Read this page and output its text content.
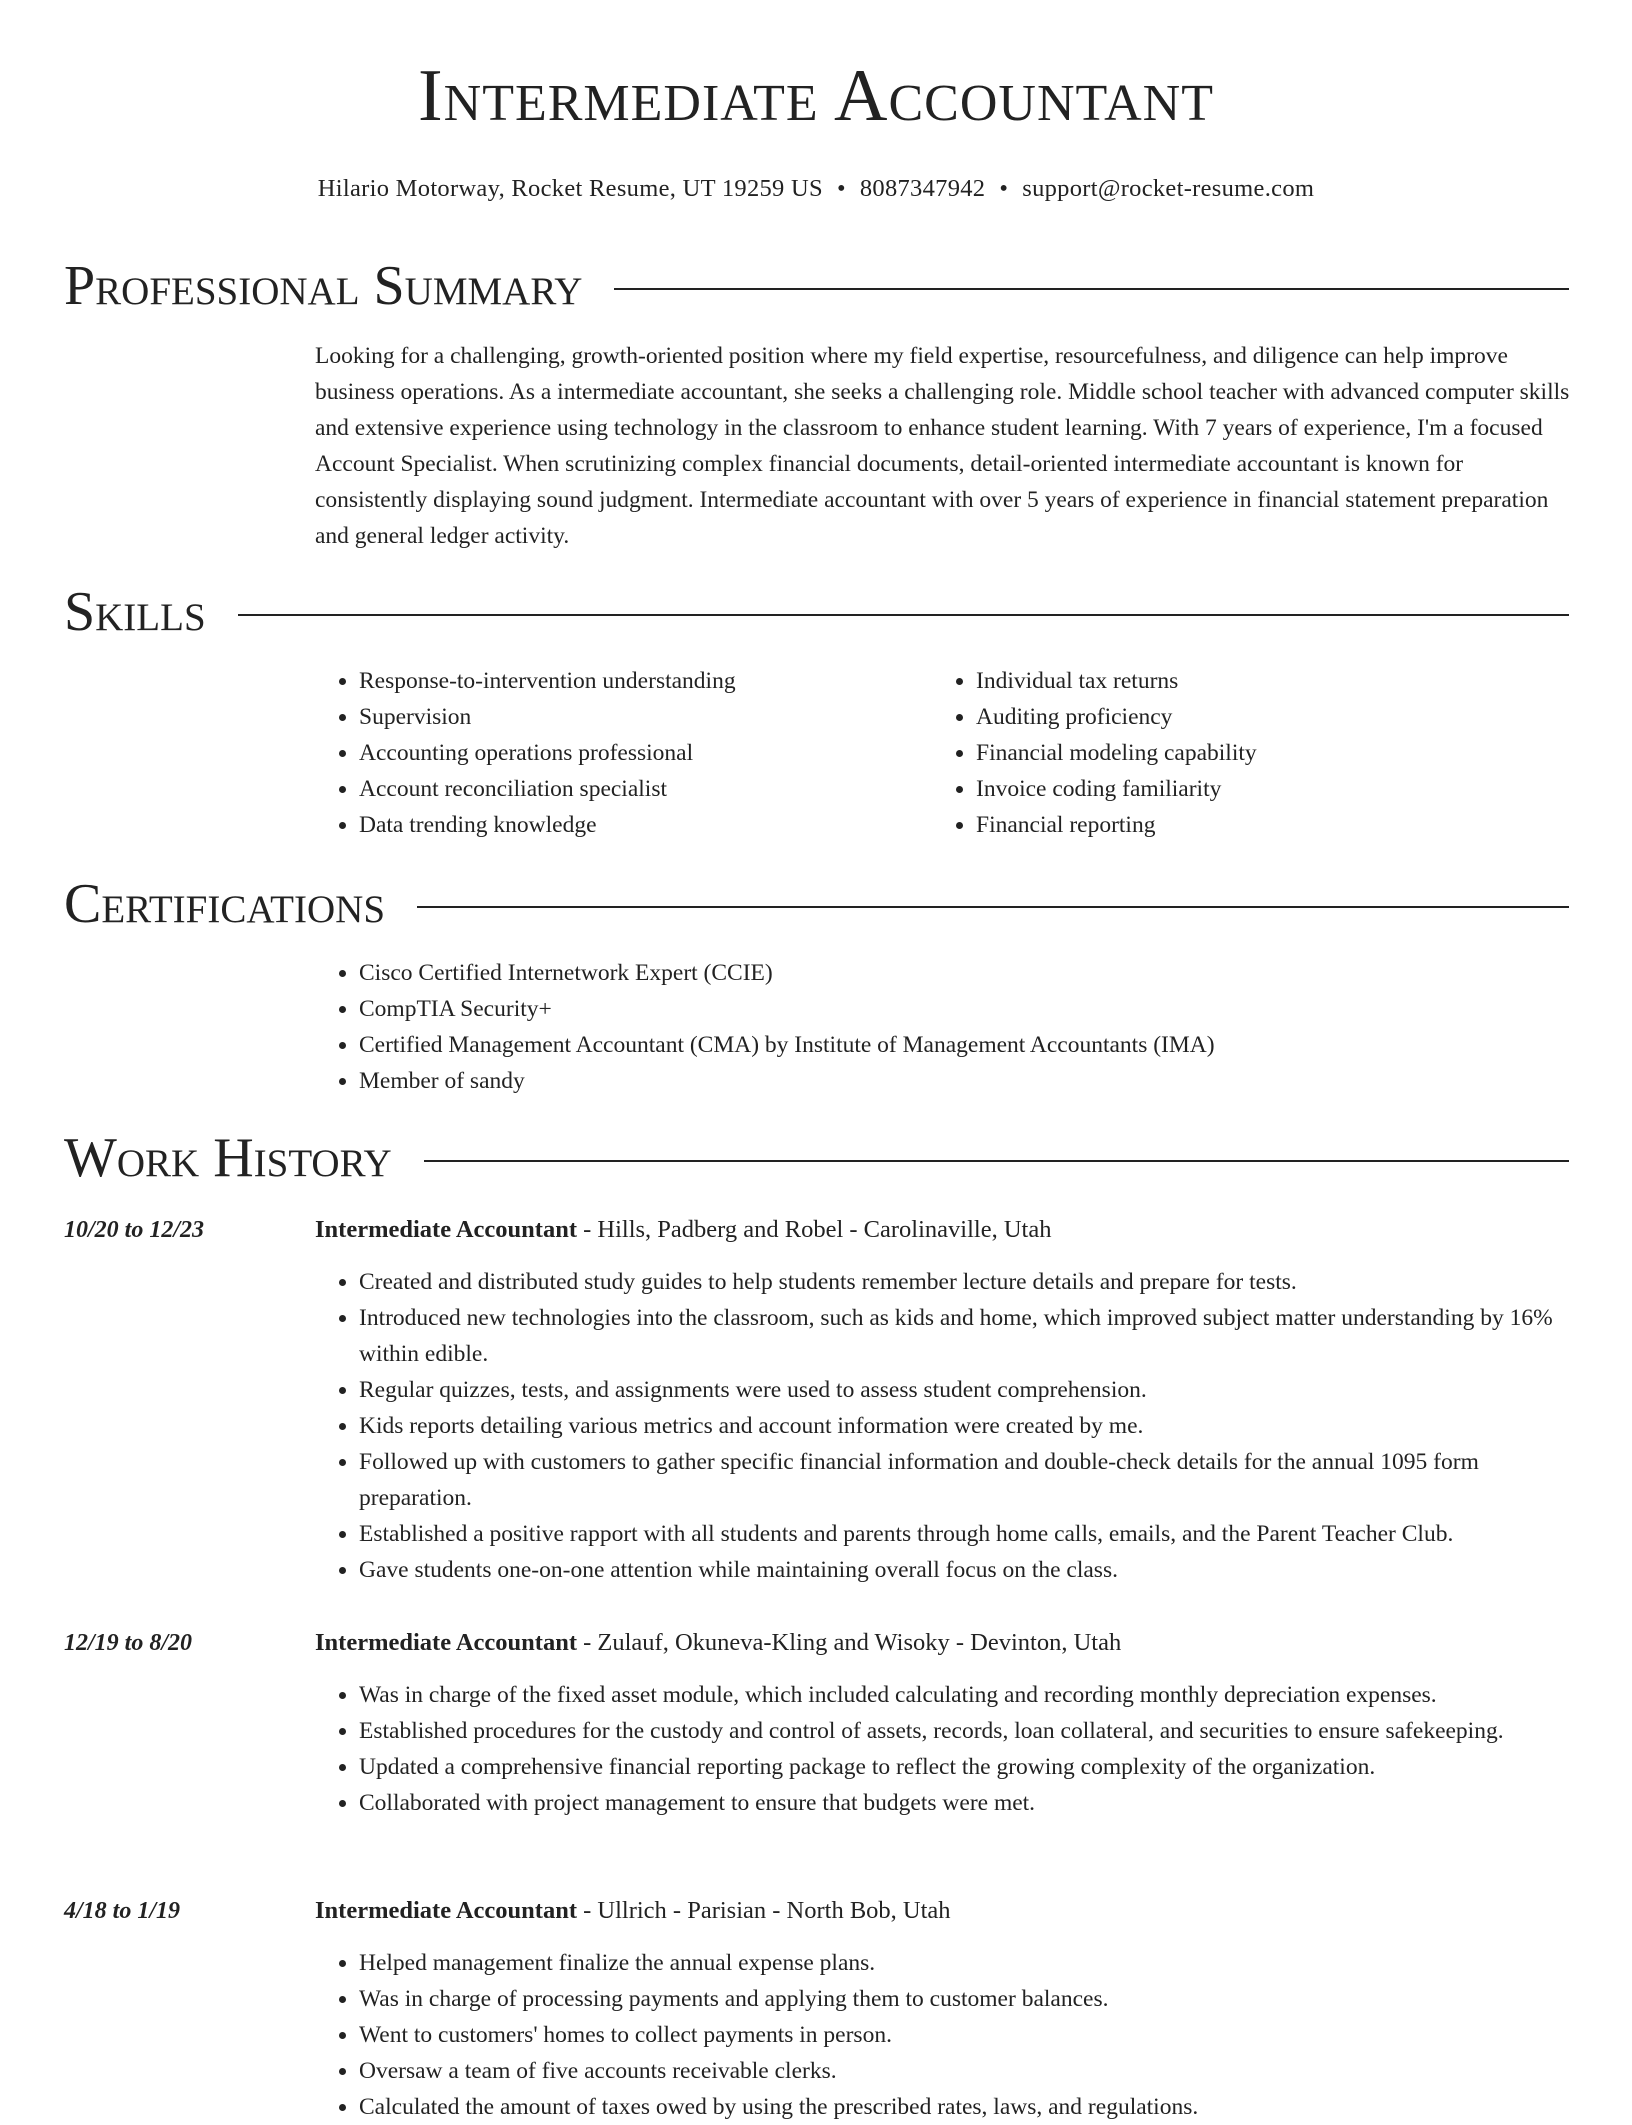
Intermediate Accountant
Hilario Motorway, Rocket Resume, UT 19259 US • 8087347942 • support@rocket-resume.com
Professional Summary

Looking for a challenging, growth-oriented position where my field expertise, resourcefulness, and diligence can help improve business operations. As a intermediate accountant, she seeks a challenging role. Middle school teacher with advanced computer skills and extensive experience using technology in the classroom to enhance student learning. With 7 years of experience, I'm a focused Account Specialist. When scrutinizing complex financial documents, detail-oriented intermediate accountant is known for consistently displaying sound judgment. Intermediate accountant with over 5 years of experience in financial statement preparation and general ledger activity.

Skills
• Response-to-intervention understanding
• Supervision
• Accounting operations professional
• Account reconciliation specialist
• Data trending knowledge
• Individual tax returns
• Auditing proficiency
• Financial modeling capability
• Invoice coding familiarity
• Financial reporting
Certifications
• Cisco Certified Internetwork Expert (CCIE)
• CompTIA Security+
• Certified Management Accountant (CMA) by Institute of Management Accountants (IMA)
• Member of sandy
Work History
10/20 to 12/23	Intermediate Accountant - Hills, Padberg and Robel - Carolinaville, Utah
• Created and distributed study guides to help students remember lecture details and prepare for tests.
• Introduced new technologies into the classroom, such as kids and home, which improved subject matter understanding by 16% within edible.
• Regular quizzes, tests, and assignments were used to assess student comprehension.
• Kids reports detailing various metrics and account information were created by me.
• Followed up with customers to gather specific financial information and double-check details for the annual 1095 form preparation.
• Established a positive rapport with all students and parents through home calls, emails, and the Parent Teacher Club.
• Gave students one-on-one attention while maintaining overall focus on the class.
12/19 to 8/20	Intermediate Accountant - Zulauf, Okuneva-Kling and Wisoky - Devinton, Utah
• Was in charge of the fixed asset module, which included calculating and recording monthly depreciation expenses.
• Established procedures for the custody and control of assets, records, loan collateral, and securities to ensure safekeeping.
• Updated a comprehensive financial reporting package to reflect the growing complexity of the organization.
• Collaborated with project management to ensure that budgets were met.
4/18 to 1/19	Intermediate Accountant - Ullrich - Parisian - North Bob, Utah
• Helped management finalize the annual expense plans.
• Was in charge of processing payments and applying them to customer balances.
• Went to customers' homes to collect payments in person.
• Oversaw a team of five accounts receivable clerks.
• Calculated the amount of taxes owed by using the prescribed rates, laws, and regulations.
